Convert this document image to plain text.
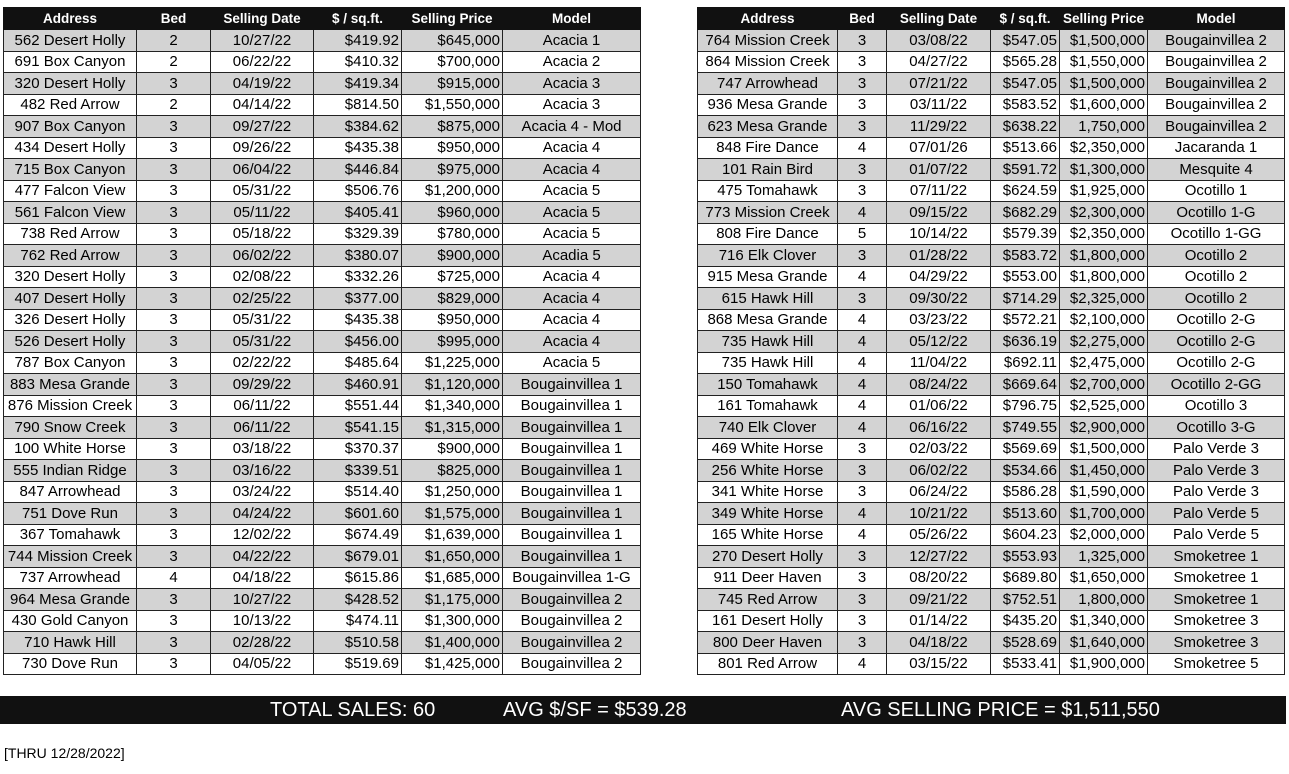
Address	Bed	Selling Date	$ / sq.ft.	Selling Price	Model
562 Desert Holly	2	10/27/22	$419.92	$645,000	Acacia 1
691 Box Canyon	2	06/22/22	$410.32	$700,000	Acacia 2
320 Desert Holly	3	04/19/22	$419.34	$915,000	Acacia 3
482 Red Arrow	2	04/14/22	$814.50	$1,550,000	Acacia 3
907 Box Canyon	3	09/27/22	$384.62	$875,000	Acacia 4 - Mod
434 Desert Holly	3	09/26/22	$435.38	$950,000	Acacia 4
715 Box Canyon	3	06/04/22	$446.84	$975,000	Acacia 4
477 Falcon View	3	05/31/22	$506.76	$1,200,000	Acacia 5
561 Falcon View	3	05/11/22	$405.41	$960,000	Acacia 5
738 Red Arrow	3	05/18/22	$329.39	$780,000	Acacia 5
762 Red Arrow	3	06/02/22	$380.07	$900,000	Acadia 5
320 Desert Holly	3	02/08/22	$332.26	$725,000	Acacia 4
407 Desert Holly	3	02/25/22	$377.00	$829,000	Acacia 4
326 Desert Holly	3	05/31/22	$435.38	$950,000	Acacia 4
526 Desert Holly	3	05/31/22	$456.00	$995,000	Acacia 4
787 Box Canyon	3	02/22/22	$485.64	$1,225,000	Acacia 5
883 Mesa Grande	3	09/29/22	$460.91	$1,120,000	Bougainvillea 1
876 Mission Creek	3	06/11/22	$551.44	$1,340,000	Bougainvillea 1
790 Snow Creek	3	06/11/22	$541.15	$1,315,000	Bougainvillea 1
100 White Horse	3	03/18/22	$370.37	$900,000	Bougainvillea 1
555 Indian Ridge	3	03/16/22	$339.51	$825,000	Bougainvillea 1
847 Arrowhead	3	03/24/22	$514.40	$1,250,000	Bougainvillea 1
751 Dove Run	3	04/24/22	$601.60	$1,575,000	Bougainvillea 1
367 Tomahawk	3	12/02/22	$674.49	$1,639,000	Bougainvillea 1
744 Mission Creek	3	04/22/22	$679.01	$1,650,000	Bougainvillea 1
737 Arrowhead	4	04/18/22	$615.86	$1,685,000	Bougainvillea 1-G
964 Mesa Grande	3	10/27/22	$428.52	$1,175,000	Bougainvillea 2
430 Gold Canyon	3	10/13/22	$474.11	$1,300,000	Bougainvillea 2
710 Hawk Hill	3	02/28/22	$510.58	$1,400,000	Bougainvillea 2
730 Dove Run	3	04/05/22	$519.69	$1,425,000	Bougainvillea 2
Address	Bed	Selling Date	$ / sq.ft.	Selling Price	Model
764 Mission Creek	3	03/08/22	$547.05	$1,500,000	Bougainvillea 2
864 Mission Creek	3	04/27/22	$565.28	$1,550,000	Bougainvillea 2
747 Arrowhead	3	07/21/22	$547.05	$1,500,000	Bougainvillea 2
936 Mesa Grande	3	03/11/22	$583.52	$1,600,000	Bougainvillea 2
623 Mesa Grande	3	11/29/22	$638.22	1,750,000	Bougainvillea 2
848 Fire Dance	4	07/01/26	$513.66	$2,350,000	Jacaranda 1
101 Rain Bird	3	01/07/22	$591.72	$1,300,000	Mesquite 4
475 Tomahawk	3	07/11/22	$624.59	$1,925,000	Ocotillo 1
773 Mission Creek	4	09/15/22	$682.29	$2,300,000	Ocotillo 1-G
808 Fire Dance	5	10/14/22	$579.39	$2,350,000	Ocotillo 1-GG
716 Elk Clover	3	01/28/22	$583.72	$1,800,000	Ocotillo 2
915 Mesa Grande	4	04/29/22	$553.00	$1,800,000	Ocotillo 2
615 Hawk Hill	3	09/30/22	$714.29	$2,325,000	Ocotillo 2
868 Mesa Grande	4	03/23/22	$572.21	$2,100,000	Ocotillo 2-G
735 Hawk Hill	4	05/12/22	$636.19	$2,275,000	Ocotillo 2-G
735 Hawk Hill	4	11/04/22	$692.11	$2,475,000	Ocotillo 2-G
150 Tomahawk	4	08/24/22	$669.64	$2,700,000	Ocotillo 2-GG
161 Tomahawk	4	01/06/22	$796.75	$2,525,000	Ocotillo 3
740 Elk Clover	4	06/16/22	$749.55	$2,900,000	Ocotillo 3-G
469 White Horse	3	02/03/22	$569.69	$1,500,000	Palo Verde 3
256 White Horse	3	06/02/22	$534.66	$1,450,000	Palo Verde 3
341 White Horse	3	06/24/22	$586.28	$1,590,000	Palo Verde 3
349 White Horse	4	10/21/22	$513.60	$1,700,000	Palo Verde 5
165 White Horse	4	05/26/22	$604.23	$2,000,000	Palo Verde 5
270 Desert Holly	3	12/27/22	$553.93	1,325,000	Smoketree 1
911 Deer Haven	3	08/20/22	$689.80	$1,650,000	Smoketree 1
745 Red Arrow	3	09/21/22	$752.51	1,800,000	Smoketree 1
161 Desert Holly	3	01/14/22	$435.20	$1,340,000	Smoketree 3
800 Deer Haven	3	04/18/22	$528.69	$1,640,000	Smoketree 3
801 Red Arrow	4	03/15/22	$533.41	$1,900,000	Smoketree 5
TOTAL SALES: 60	AVG $/SF = $539.28	AVG SELLING PRICE = $1,511,550
[THRU 12/28/2022]
